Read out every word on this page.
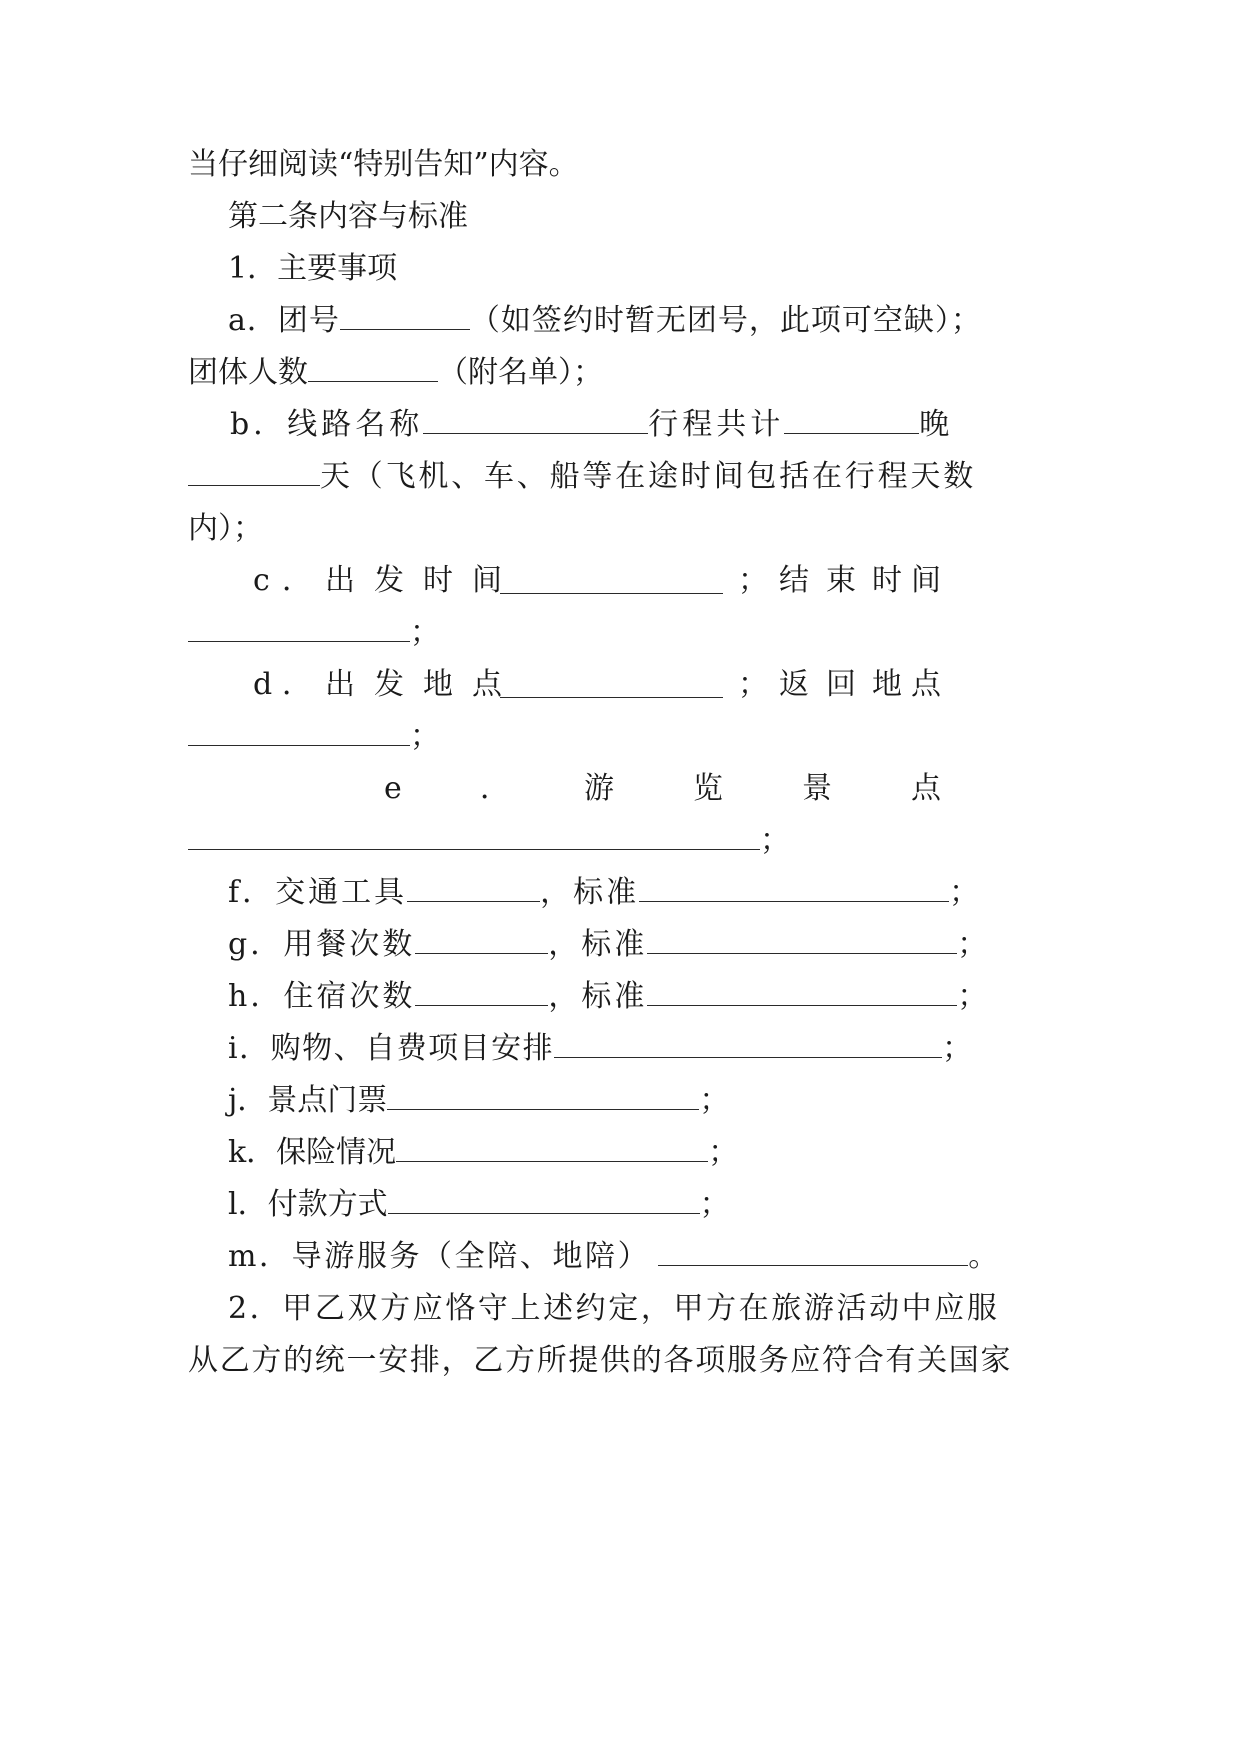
当仔细阅读“特别告知”内容。
第二条内容与标准
1．主要事项
a．团号	（如签约时暂无团号，此项可空缺）；
团体人数	（附名单）；
b．线路名称	行程共计	晚
天（飞机、车、船等在途时间包括在行程天数
内）；
c ． 出 发 时 间	； 结 束 时 间
；
d ． 出 发 地 点	； 返 回 地 点
；
e	． 游	览	景	点
；
f．交通工具	，标准	；
g．用餐次数	，标准	；
h．住宿次数	，标准	；
i．购物、自费项目安排	；
j．景点门票	；
k．保险情况	；
l．付款方式	；
m．导游服务（全陪、地陪）	。
2．甲乙双方应恪守上述约定，甲方在旅游活动中应服
从乙方的统一安排，乙方所提供的各项服务应符合有关国家
